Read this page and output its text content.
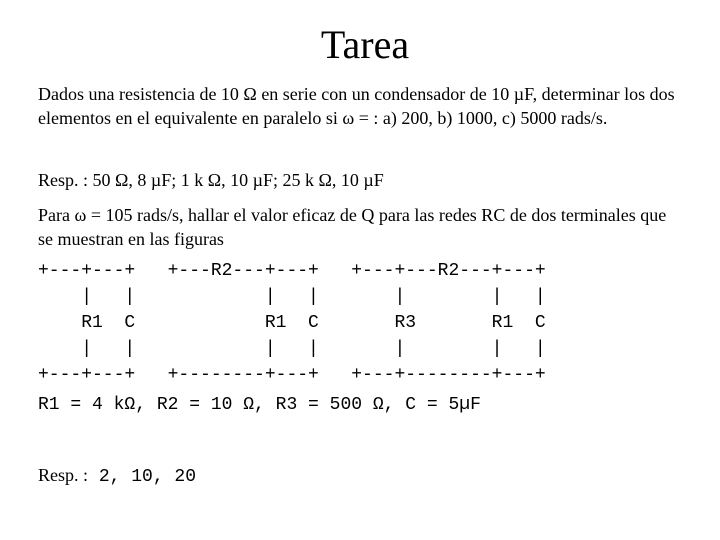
Tarea

Dados una resistencia de 10 Ω en serie con un condensador de 10 µF, determinar los dos elementos en el equivalente en paralelo si ω = : a) 200, b) 1000, c) 5000 rads/s.

Resp. : 50 Ω, 8 µF; 1 k Ω, 10 µF; 25 k Ω, 10 µF

Para ω = 105 rads/s, hallar el valor eficaz de Q para las redes RC de dos terminales que se muestran en las figuras

+---+---+   +---R2---+---+   +---+---R2---+---+
|   |            |   |       |        |   |
R1  C            R1  C       R3       R1  C
|   |            |   |       |        |   |
+---+---+   +--------+---+   +---+--------+---+
R1 = 4 kΩ, R2 = 10 Ω, R3 = 500 Ω, C = 5µF
Resp. : 2, 10, 20
